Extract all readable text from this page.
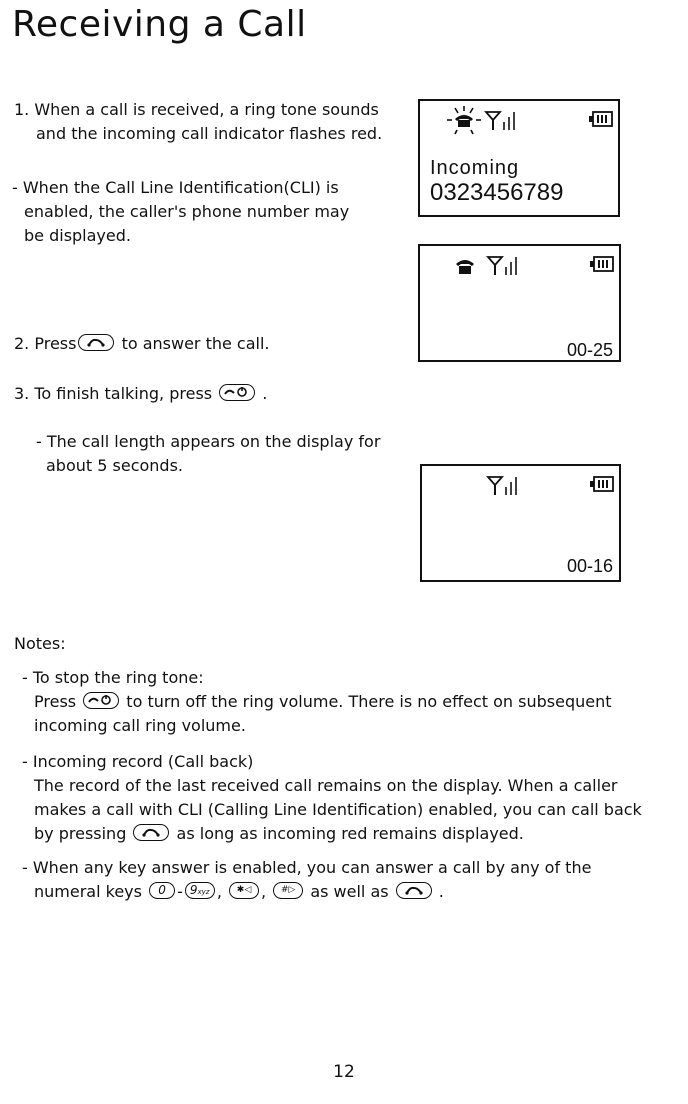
Receiving a Call
1. When a call is received, a ring tone sounds
and the incoming call indicator flashes red.
- When the Call Line Identification(CLI) is
enabled, the caller's phone number may
be displayed.
2. Press	to answer the call.
3. To finish talking, press	.
- The call length appears on the display for
about 5 seconds.
Incoming
0323456789
00-25
00-16
Notes:
- To stop the ring tone:
Press	to turn off the ring volume. There is no effect on subsequent
incoming call ring volume.
- Incoming record (Call back)
The record of the last received call remains on the display. When a caller
makes a call with CLI (Calling Line Identification) enabled, you can call back
by pressing	as long as incoming red remains displayed.
- When any key answer is enabled, you can answer a call by any of the
numeral keys 0 - 9xyz , ✱◁ , #▷ as well as	.
12
